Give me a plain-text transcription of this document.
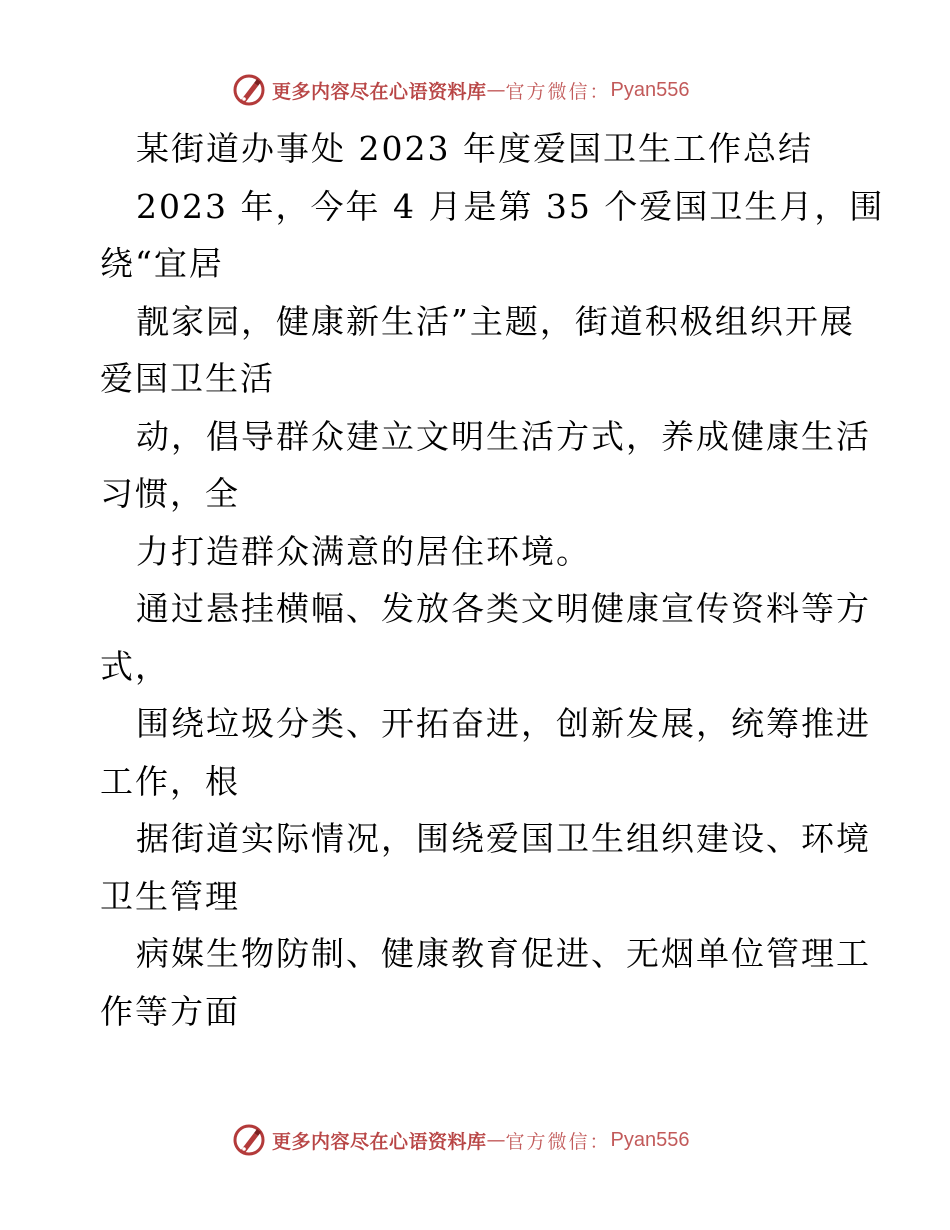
更多内容尽在心语资料库 — 官方微信： Pyan556
某街道办事处 2023 年度爱国卫生工作总结
2023 年，今年 4 月是第 35 个爱国卫生月，围
绕“宜居
靓家园，健康新生活”主题，街道积极组织开展
爱国卫生活
动，倡导群众建立文明生活方式，养成健康生活
习惯，全
力打造群众满意的居住环境。
通过悬挂横幅、发放各类文明健康宣传资料等方
式，
围绕垃圾分类、开拓奋进，创新发展，统筹推进
工作，根
据街道实际情况，围绕爱国卫生组织建设、环境
卫生管理
病媒生物防制、健康教育促进、无烟单位管理工
作等方面
更多内容尽在心语资料库 — 官方微信： Pyan556
